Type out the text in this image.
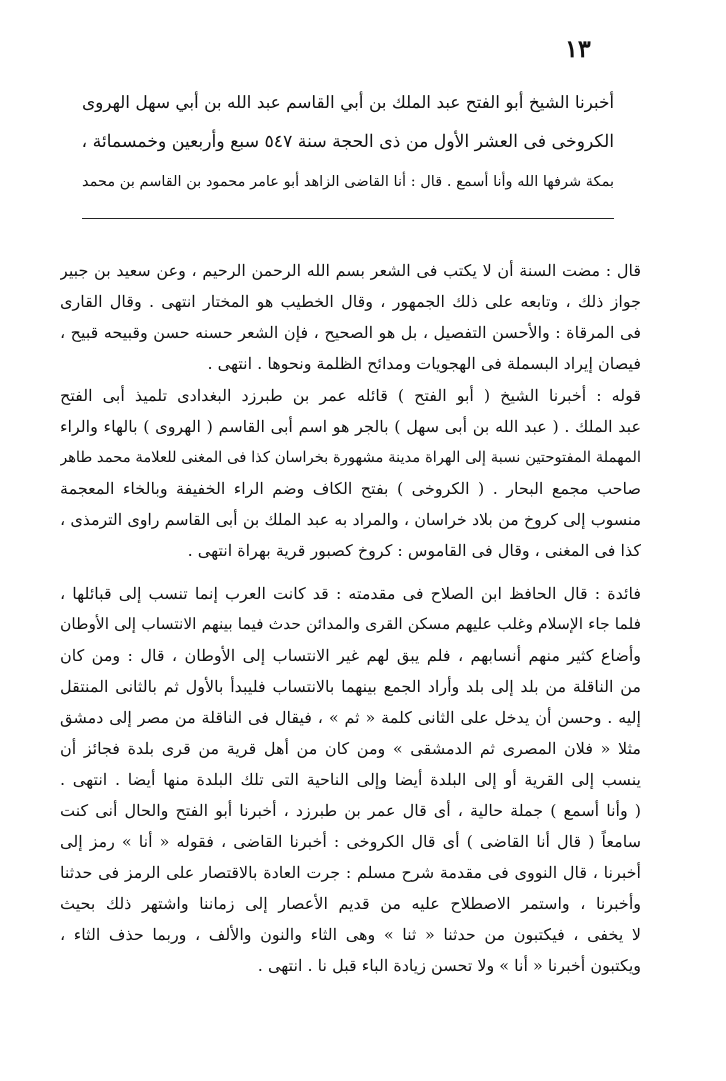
١٣
أخبرنا الشيخ أبو الفتح عبد الملك بن أبي القاسم عبد الله بن أبي سهل الهروى
الكروخى فى العشر الأول من ذى الحجة سنة ٥٤٧ سبع وأربعين وخمسمائة ،
بمكة شرفها الله وأنا أسمع . قال : أنا القاضى الزاهد أبو عامر محمود بن القاسم بن محمد
قال : مضت السنة أن لا يكتب فى الشعر بسم الله الرحمن الرحيم ، وعن سعيد بن جبير
جواز ذلك ، وتابعه على ذلك الجمهور ، وقال الخطيب هو المختار انتهى . وقال القارى
فى المرقاة : والأحسن التفصيل ، بل هو الصحيح ، فإن الشعر حسنه حسن وقبيحه قبيح ،
فيصان إيراد البسملة فى الهجويات ومدائح الظلمة ونحوها . انتهى .
قوله : أخبرنا الشيخ ( أبو الفتح ) قائله عمر بن طبرزد البغدادى تلميذ أبى الفتح
عبد الملك . ( عبد الله بن أبى سهل ) بالجر هو اسم أبى القاسم ( الهروى ) بالهاء والراء
المهملة المفتوحتين نسبة إلى الهراة مدينة مشهورة بخراسان كذا فى المغنى للعلامة محمد طاهر
صاحب مجمع البحار . ( الكروخى ) بفتح الكاف وضم الراء الخفيفة وبالخاء المعجمة
منسوب إلى كروخ من بلاد خراسان ، والمراد به عبد الملك بن أبى القاسم راوى الترمذى ،
كذا فى المغنى ، وقال فى القاموس : كروخ كصبور قرية بهراة انتهى .
فائدة : قال الحافظ ابن الصلاح فى مقدمته : قد كانت العرب إنما تنسب إلى قبائلها ،
فلما جاء الإسلام وغلب عليهم مسكن القرى والمدائن حدث فيما بينهم الانتساب إلى الأوطان
وأضاع كثير منهم أنسابهم ، فلم يبق لهم غير الانتساب إلى الأوطان ، قال : ومن كان
من الناقلة من بلد إلى بلد وأراد الجمع بينهما بالانتساب فليبدأ بالأول ثم بالثانى المنتقل
إليه . وحسن أن يدخل على الثانى كلمة « ثم » ، فيقال فى الناقلة من مصر إلى دمشق
مثلا « فلان المصرى ثم الدمشقى » ومن كان من أهل قرية من قرى بلدة فجائز أن
ينسب إلى القرية أو إلى البلدة أيضا وإلى الناحية التى تلك البلدة منها أيضا . انتهى .
( وأنا أسمع ) جملة حالية ، أى قال عمر بن طبرزد ، أخبرنا أبو الفتح والحال أنى كنت
سامعاً ( قال أنا القاضى ) أى قال الكروخى : أخبرنا القاضى ، فقوله « أنا » رمز إلى
أخبرنا ، قال النووى فى مقدمة شرح مسلم : جرت العادة بالاقتصار على الرمز فى حدثنا
وأخبرنا ، واستمر الاصطلاح عليه من قديم الأعصار إلى زماننا واشتهر ذلك بحيث
لا يخفى ، فيكتبون من حدثنا « ثنا » وهى الثاء والنون والألف ، وربما حذف الثاء ،
ويكتبون أخبرنا « أنا » ولا تحسن زيادة الباء قبل نا . انتهى .
